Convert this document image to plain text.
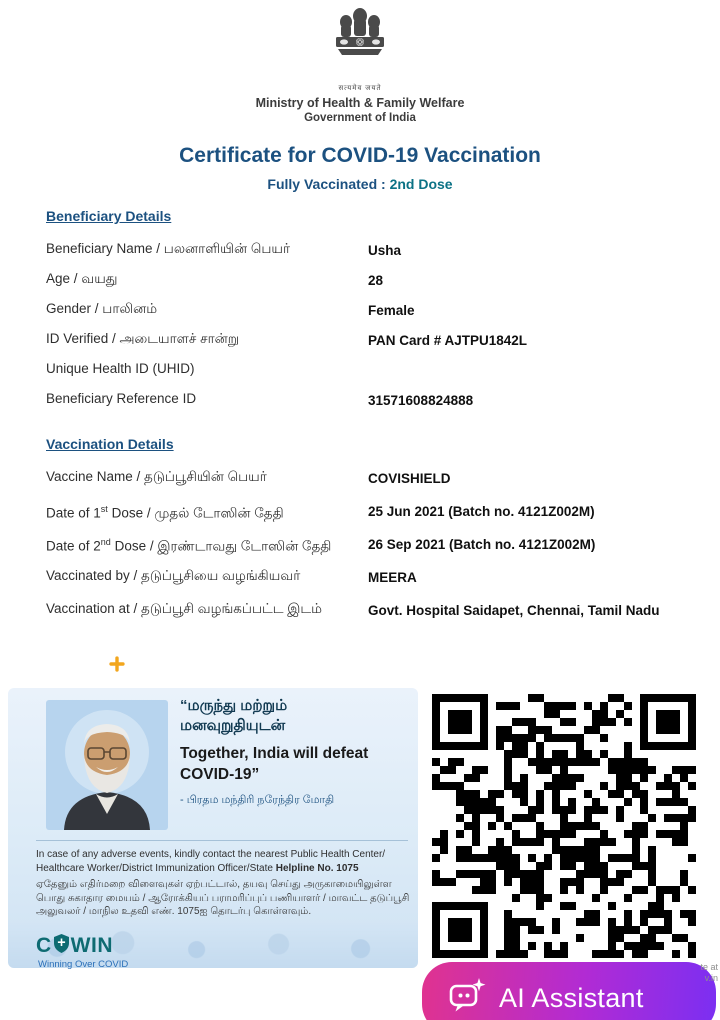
सत्यमेव जयते
Ministry of Health & Family Welfare
Government of India
Certificate for COVID-19 Vaccination
Fully Vaccinated : 2nd Dose
Beneficiary Details
Beneficiary Name / பலனாளியின் பெயர்	Usha
Age / வயது	28
Gender / பாலினம்	Female
ID Verified / அடையாளச் சான்று	PAN Card # AJTPU1842L
Unique Health ID (UHID)
Beneficiary Reference ID	31571608824888
Vaccination Details
Vaccine Name / தடுப்பூசியின் பெயர்	COVISHIELD
Date of 1st Dose / முதல் டோஸின் தேதி	25 Jun 2021 (Batch no. 4121Z002M)
Date of 2nd Dose / இரண்டாவது டோஸின் தேதி	26 Sep 2021 (Batch no. 4121Z002M)
Vaccinated by / தடுப்பூசியை வழங்கியவர்	MEERA
Vaccination at / தடுப்பூசி வழங்கப்பட்ட இடம்	Govt. Hospital Saidapet, Chennai, Tamil Nadu
“மருந்து மற்றும்
மனவுறுதியுடன்
Together, India will defeat
COVID-19”
- பிரதம மந்திரி நரேந்திர மோதி
In case of any adverse events, kindly contact the nearest Public Health Center/
Healthcare Worker/District Immunization Officer/State Helpline No. 1075
ஏதேனும் எதிர்மறை விளைவுகள் ஏற்பட்டால், தயவு செய்து அருகாமையிலுள்ள பொது சுகாதார மையம் / ஆரோக்கியப் பராமரிப்புப் பணியாளர் / மாவட்ட தடுப்பூசி அலுவலர் / மாநில உதவி எண். 1075ஐ தொடர்பு கொள்ளவும்.
C WIN
Winning Over COVID	te at
v.in
AI Assistant
